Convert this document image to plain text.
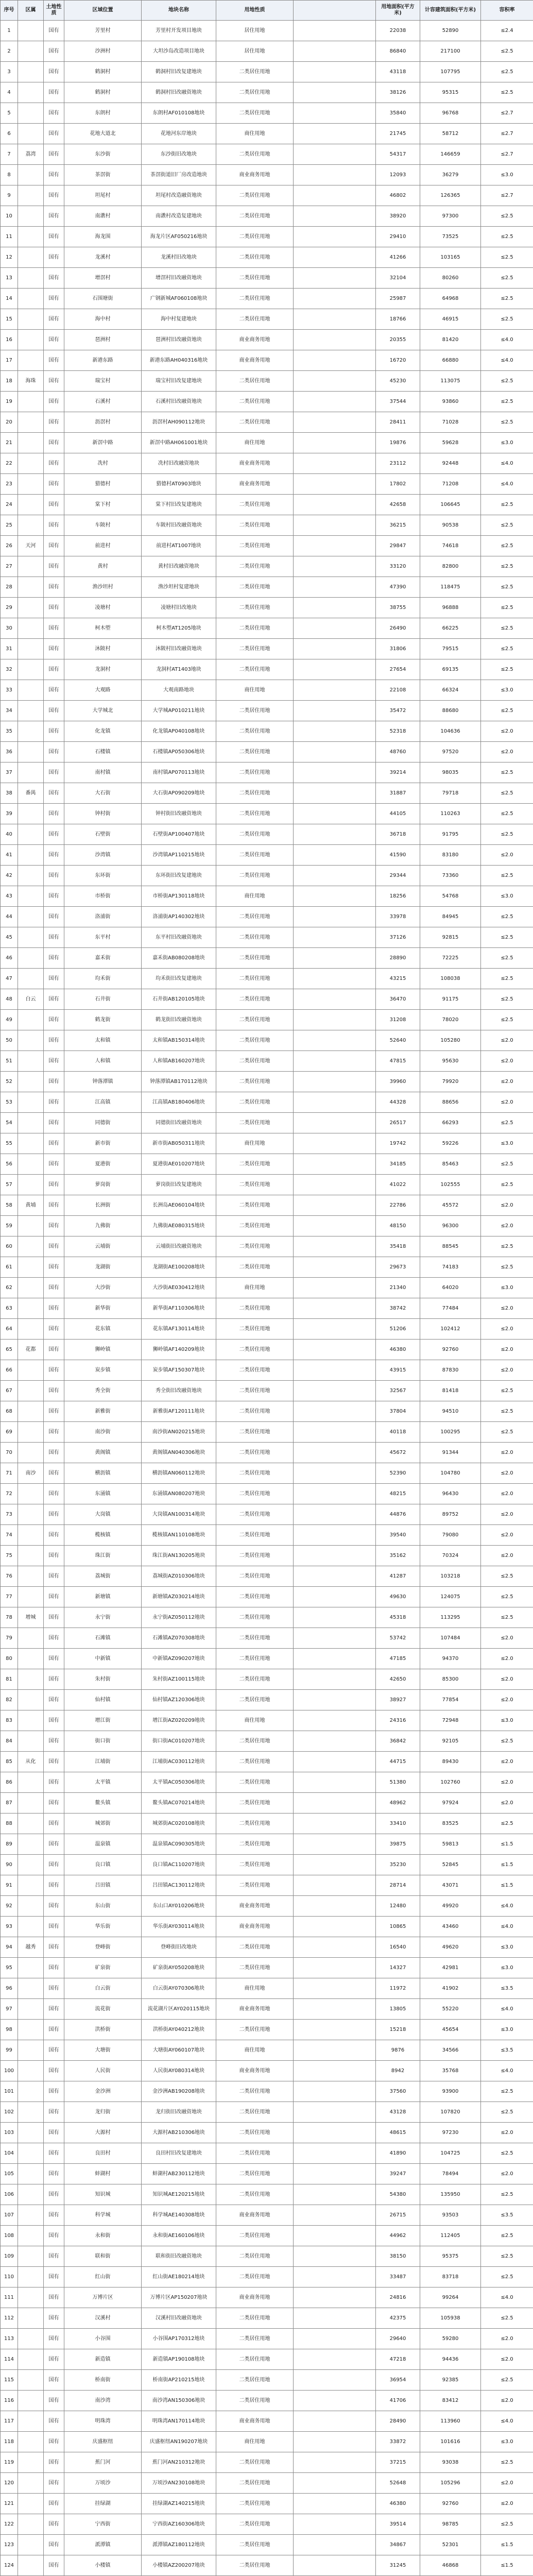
序号	区属	土地性质	区域位置	地块名称	用地性质		用地面积(平方米)	计容建筑面积(平方米)	容积率
1		国有	芳里村	芳里村开发项目地块	居住用地		22038	52890	≤2.4
2		国有	沙洲村	大坦沙岛改造项目地块	居住用地		86840	217100	≤2.5
3		国有	鹤洞村	鹤洞村旧改复建地块	二类居住用地		43118	107795	≤2.5
4		国有	鹤洞村	鹤洞村旧改融资地块	二类居住用地		38126	95315	≤2.5
5		国有	东朗村	东朗村AF010108地块	二类居住用地		35840	96768	≤2.7
6		国有	花地大道北	花地河东岸地块	商住用地		21745	58712	≤2.7
7	荔湾	国有	东沙街	东沙街旧改地块	二类居住用地		54317	146659	≤2.7
8		国有	茶滘街	茶滘街道旧厂房改造地块	商业商务用地		12093	36279	≤3.0
9		国有	坦尾村	坦尾村改造融资地块	二类居住用地		46802	126365	≤2.7
10		国有	南漖村	南漖村改造复建地块	二类居住用地		38920	97300	≤2.5
11		国有	海龙围	海龙片区AF050216地块	二类居住用地		29410	73525	≤2.5
12		国有	龙溪村	龙溪村旧改地块	二类居住用地		41266	103165	≤2.5
13		国有	增滘村	增滘村旧改融资地块	二类居住用地		32104	80260	≤2.5
14		国有	石围塘街	广钢新城AF060108地块	二类居住用地		25987	64968	≤2.5
15		国有	海中村	海中村复建地块	二类居住用地		18766	46915	≤2.5
16		国有	琶洲村	琶洲村旧改融资地块	商业商务用地		20355	81420	≤4.0
17		国有	新港东路	新港东路AH040316地块	商业商务用地		16720	66880	≤4.0
18	海珠	国有	瑞宝村	瑞宝村旧改复建地块	二类居住用地		45230	113075	≤2.5
19		国有	石溪村	石溪村旧改融资地块	二类居住用地		37544	93860	≤2.5
20		国有	沥滘村	沥滘村AH090112地块	二类居住用地		28411	71028	≤2.5
21		国有	新滘中路	新滘中路AH061001地块	商住用地		19876	59628	≤3.0
22		国有	冼村	冼村旧改融资地块	商业商务用地		23112	92448	≤4.0
23		国有	猎德村	猎德村AT0903地块	商业商务用地		17802	71208	≤4.0
24		国有	棠下村	棠下村旧改复建地块	二类居住用地		42658	106645	≤2.5
25		国有	车陂村	车陂村旧改融资地块	二类居住用地		36215	90538	≤2.5
26	天河	国有	前进村	前进村AT1007地块	二类居住用地		29847	74618	≤2.5
27		国有	黄村	黄村旧改融资地块	二类居住用地		33120	82800	≤2.5
28		国有	渔沙坦村	渔沙坦村复建地块	二类居住用地		47390	118475	≤2.5
29		国有	凌塘村	凌塘村旧改地块	二类居住用地		38755	96888	≤2.5
30		国有	柯木塱	柯木塱AT1205地块	二类居住用地		26490	66225	≤2.5
31		国有	沐陂村	沐陂村旧改融资地块	二类居住用地		31806	79515	≤2.5
32		国有	龙洞村	龙洞村AT1403地块	二类居住用地		27654	69135	≤2.5
33		国有	大观路	大观南路地块	商住用地		22108	66324	≤3.0
34		国有	大学城北	大学城AP010211地块	二类居住用地		35472	88680	≤2.5
35		国有	化龙镇	化龙镇AP040108地块	二类居住用地		52318	104636	≤2.0
36		国有	石楼镇	石楼镇AP050306地块	二类居住用地		48760	97520	≤2.0
37		国有	南村镇	南村镇AP070113地块	二类居住用地		39214	98035	≤2.5
38	番禺	国有	大石街	大石街AP090209地块	二类居住用地		31887	79718	≤2.5
39		国有	钟村街	钟村街旧改融资地块	二类居住用地		44105	110263	≤2.5
40		国有	石壁街	石壁街AP100407地块	二类居住用地		36718	91795	≤2.5
41		国有	沙湾镇	沙湾镇AP110215地块	二类居住用地		41590	83180	≤2.0
42		国有	东环街	东环街旧改复建地块	二类居住用地		29344	73360	≤2.5
43		国有	市桥街	市桥街AP130118地块	商住用地		18256	54768	≤3.0
44		国有	洛浦街	洛浦街AP140302地块	二类居住用地		33978	84945	≤2.5
45		国有	东平村	东平村旧改融资地块	二类居住用地		37126	92815	≤2.5
46		国有	嘉禾街	嘉禾街AB080208地块	二类居住用地		28890	72225	≤2.5
47		国有	均禾街	均禾街旧改复建地块	二类居住用地		43215	108038	≤2.5
48	白云	国有	石井街	石井街AB120105地块	二类居住用地		36470	91175	≤2.5
49		国有	鹤龙街	鹤龙街旧改融资地块	二类居住用地		31208	78020	≤2.5
50		国有	太和镇	太和镇AB150314地块	二类居住用地		52640	105280	≤2.0
51		国有	人和镇	人和镇AB160207地块	二类居住用地		47815	95630	≤2.0
52		国有	钟落潭镇	钟落潭镇AB170112地块	二类居住用地		39960	79920	≤2.0
53		国有	江高镇	江高镇AB180406地块	二类居住用地		44328	88656	≤2.0
54		国有	同德街	同德街旧改融资地块	二类居住用地		26517	66293	≤2.5
55		国有	新市街	新市街AB050311地块	商住用地		19742	59226	≤3.0
56		国有	夏港街	夏港街AE010207地块	二类居住用地		34185	85463	≤2.5
57		国有	萝岗街	萝岗街旧改复建地块	二类居住用地		41022	102555	≤2.5
58	黄埔	国有	长洲街	长洲岛AE060104地块	二类居住用地		22786	45572	≤2.0
59		国有	九佛街	九佛街AE080315地块	二类居住用地		48150	96300	≤2.0
60		国有	云埔街	云埔街旧改融资地块	二类居住用地		35418	88545	≤2.5
61		国有	龙湖街	龙湖街AE100208地块	二类居住用地		29673	74183	≤2.5
62		国有	大沙街	大沙街AE030412地块	商住用地		21340	64020	≤3.0
63		国有	新华街	新华街AF110306地块	二类居住用地		38742	77484	≤2.0
64		国有	花东镇	花东镇AF130114地块	二类居住用地		51206	102412	≤2.0
65	花都	国有	狮岭镇	狮岭镇AF140209地块	二类居住用地		46380	92760	≤2.0
66		国有	炭步镇	炭步镇AF150307地块	二类居住用地		43915	87830	≤2.0
67		国有	秀全街	秀全街旧改融资地块	二类居住用地		32567	81418	≤2.5
68		国有	新雅街	新雅街AF120111地块	二类居住用地		37804	94510	≤2.5
69		国有	南沙街	南沙街AN020215地块	二类居住用地		40118	100295	≤2.5
70		国有	黄阁镇	黄阁镇AN040306地块	二类居住用地		45672	91344	≤2.0
71	南沙	国有	横沥镇	横沥镇AN060112地块	二类居住用地		52390	104780	≤2.0
72		国有	东涌镇	东涌镇AN080207地块	二类居住用地		48215	96430	≤2.0
73		国有	大岗镇	大岗镇AN100314地块	二类居住用地		44876	89752	≤2.0
74		国有	榄核镇	榄核镇AN110108地块	二类居住用地		39540	79080	≤2.0
75		国有	珠江街	珠江街AN130205地块	二类居住用地		35162	70324	≤2.0
76		国有	荔城街	荔城街AZ010306地块	二类居住用地		41287	103218	≤2.5
77		国有	新塘镇	新塘镇AZ030214地块	二类居住用地		49630	124075	≤2.5
78	增城	国有	永宁街	永宁街AZ050112地块	二类居住用地		45318	113295	≤2.5
79		国有	石滩镇	石滩镇AZ070308地块	二类居住用地		53742	107484	≤2.0
80		国有	中新镇	中新镇AZ090207地块	二类居住用地		47185	94370	≤2.0
81		国有	朱村街	朱村街AZ100115地块	二类居住用地		42650	85300	≤2.0
82		国有	仙村镇	仙村镇AZ120306地块	二类居住用地		38927	77854	≤2.0
83		国有	增江街	增江街AZ020209地块	商住用地		24316	72948	≤3.0
84		国有	街口街	街口街AC010207地块	二类居住用地		36842	92105	≤2.5
85	从化	国有	江埔街	江埔街AC030112地块	二类居住用地		44715	89430	≤2.0
86		国有	太平镇	太平镇AC050306地块	二类居住用地		51380	102760	≤2.0
87		国有	鳌头镇	鳌头镇AC070214地块	二类居住用地		48962	97924	≤2.0
88		国有	城郊街	城郊街AC020108地块	二类居住用地		33410	83525	≤2.5
89		国有	温泉镇	温泉镇AC090305地块	二类居住用地		39875	59813	≤1.5
90		国有	良口镇	良口镇AC110207地块	二类居住用地		35230	52845	≤1.5
91		国有	吕田镇	吕田镇AC130112地块	二类居住用地		28714	43071	≤1.5
92		国有	东山街	东山口AY010206地块	商业商务用地		12480	49920	≤4.0
93		国有	华乐街	华乐街AY030114地块	商业商务用地		10865	43460	≤4.0
94	越秀	国有	登峰街	登峰街旧改地块	二类居住用地		16540	49620	≤3.0
95		国有	矿泉街	矿泉街AY050208地块	二类居住用地		14327	42981	≤3.0
96		国有	白云街	白云街AY070306地块	商住用地		11972	41902	≤3.5
97		国有	流花街	流花湖片区AY020115地块	商业商务用地		13805	55220	≤4.0
98		国有	洪桥街	洪桥街AY040212地块	二类居住用地		15218	45654	≤3.0
99		国有	大塘街	大塘街AY060107地块	商住用地		9876	34566	≤3.5
100		国有	人民街	人民街AY080314地块	商业商务用地		8942	35768	≤4.0
101		国有	金沙洲	金沙洲AB190208地块	二类居住用地		37560	93900	≤2.5
102		国有	龙归街	龙归街旧改融资地块	二类居住用地		43128	107820	≤2.5
103		国有	大源村	大源村AB210306地块	二类居住用地		48615	97230	≤2.0
104		国有	良田村	良田村旧改复建地块	二类居住用地		41890	104725	≤2.5
105		国有	蚌湖村	蚌湖村AB230112地块	二类居住用地		39247	78494	≤2.0
106		国有	知识城	知识城AE120215地块	二类居住用地		54380	135950	≤2.5
107		国有	科学城	科学城AE140308地块	商业商务用地		26715	93503	≤3.5
108		国有	永和街	永和街AE160106地块	二类居住用地		44962	112405	≤2.5
109		国有	联和街	联和街旧改融资地块	二类居住用地		38150	95375	≤2.5
110		国有	红山街	红山街AE180214地块	二类居住用地		33487	83718	≤2.5
111		国有	万博片区	万博片区AP150207地块	商业商务用地		24816	99264	≤4.0
112		国有	汉溪村	汉溪村旧改融资地块	二类居住用地		42375	105938	≤2.5
113		国有	小谷围	小谷围AP170312地块	二类居住用地		29640	59280	≤2.0
114		国有	新造镇	新造镇AP190108地块	二类居住用地		47218	94436	≤2.0
115		国有	桥南街	桥南街AP210215地块	二类居住用地		36954	92385	≤2.5
116		国有	南沙湾	南沙湾AN150306地块	二类居住用地		41706	83412	≤2.0
117		国有	明珠湾	明珠湾AN170114地块	商业商务用地		28490	113960	≤4.0
118		国有	庆盛枢纽	庆盛枢纽AN190207地块	商住用地		33872	101616	≤3.0
119		国有	蕉门河	蕉门河AN210312地块	二类居住用地		37215	93038	≤2.5
120		国有	万顷沙	万顷沙AN230108地块	二类居住用地		52648	105296	≤2.0
121		国有	挂绿湖	挂绿湖AZ140215地块	二类居住用地		46380	92760	≤2.0
122		国有	宁西街	宁西街AZ160306地块	二类居住用地		39514	98785	≤2.5
123		国有	派潭镇	派潭镇AZ180112地块	二类居住用地		34867	52301	≤1.5
124		国有	小楼镇	小楼镇AZ200207地块	二类居住用地		31245	46868	≤1.5
